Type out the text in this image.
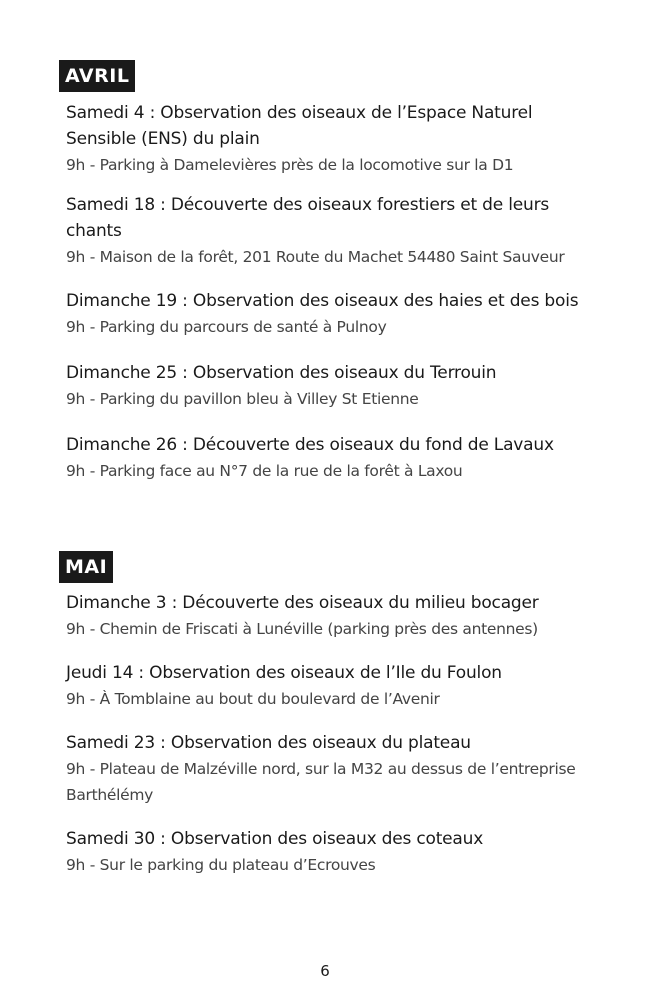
AVRIL

Samedi 4 : Observation des oiseaux de l’Espace Naturel Sensible (ENS) du plain

9h - Parking à Damelevières près de la locomotive sur la D1

Samedi 18 : Découverte des oiseaux forestiers et de leurs chants

9h - Maison de la forêt, 201 Route du Machet 54480 Saint Sauveur

Dimanche 19 : Observation des oiseaux des haies et des bois

9h - Parking du parcours de santé à Pulnoy

Dimanche 25 : Observation des oiseaux du Terrouin

9h - Parking du pavillon bleu à Villey St Etienne

Dimanche 26 : Découverte des oiseaux du fond de Lavaux

9h - Parking face au N°7 de la rue de la forêt à Laxou

MAI

Dimanche 3 : Découverte des oiseaux du milieu bocager

9h - Chemin de Friscati à Lunéville (parking près des antennes)

Jeudi 14 : Observation des oiseaux de l’Ile du Foulon

9h - À Tomblaine au bout du boulevard de l’Avenir

Samedi 23 : Observation des oiseaux du plateau

9h - Plateau de Malzéville nord, sur la M32 au dessus de l’entreprise Barthélémy

Samedi 30 : Observation des oiseaux des coteaux

9h - Sur le parking du plateau d’Ecrouves

6
